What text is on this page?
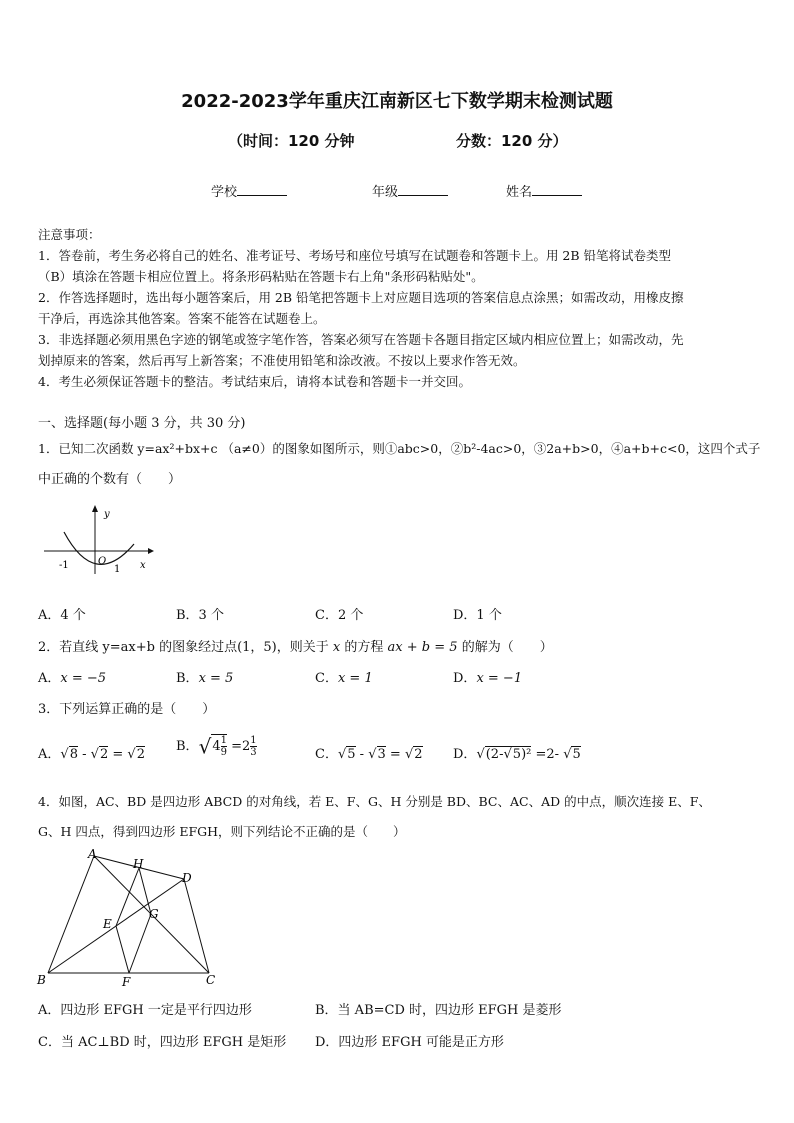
2022-2023学年重庆江南新区七下数学期末检测试题
（时间：120 分钟	分数：120 分）
学校	年级	姓名
注意事项：
1．答卷前，考生务必将自己的姓名、准考证号、考场号和座位号填写在试题卷和答题卡上。用 2B 铅笔将试卷类型
（B）填涂在答题卡相应位置上。将条形码粘贴在答题卡右上角"条形码粘贴处"。
2．作答选择题时，选出每小题答案后，用 2B 铅笔把答题卡上对应题目选项的答案信息点涂黑；如需改动，用橡皮擦
干净后，再选涂其他答案。答案不能答在试题卷上。
3．非选择题必须用黑色字迹的钢笔或签字笔作答，答案必须写在答题卡各题目指定区域内相应位置上；如需改动，先
划掉原来的答案，然后再写上新答案；不准使用铅笔和涂改液。不按以上要求作答无效。
4．考生必须保证答题卡的整洁。考试结束后，请将本试卷和答题卡一并交回。
一、选择题(每小题 3 分，共 30 分)
1．已知二次函数 y=ax²+bx+c （a≠0）的图象如图所示，则①abc>0，②b²-4ac>0，③2a+b>0，④a+b+c<0，这四个式子
中正确的个数有（　　）
y
x
-1	O
1
A．4 个	B．3 个	C．2 个	D．1 个
2．若直线 y=ax+b 的图象经过点(1，5)，则关于 x 的方程 ax + b = 5 的解为（　　）
A．x = −5	B．x = 5	C．x = 1	D．x = −1
3．下列运算正确的是（　　）
A．√8 - √2 = √2
B．$√4 \frac{1}{9} =2 \frac{1}{3}$	C．√5 - √3 = √2 D．√(2-√5)² =2- √5
4．如图，AC、BD 是四边形 ABCD 的对角线，若 E、F、G、H 分别是 BD、BC、AC、AD 的中点，顺次连接 E、F、
G、H 四点，得到四边形 EFGH，则下列结论不正确的是（　　）
A
B	C
D
E
F
G
H
A．四边形 EFGH 一定是平行四边形	B．当 AB=CD 时，四边形 EFGH 是菱形
C．当 AC⊥BD 时，四边形 EFGH 是矩形 D．四边形 EFGH 可能是正方形
